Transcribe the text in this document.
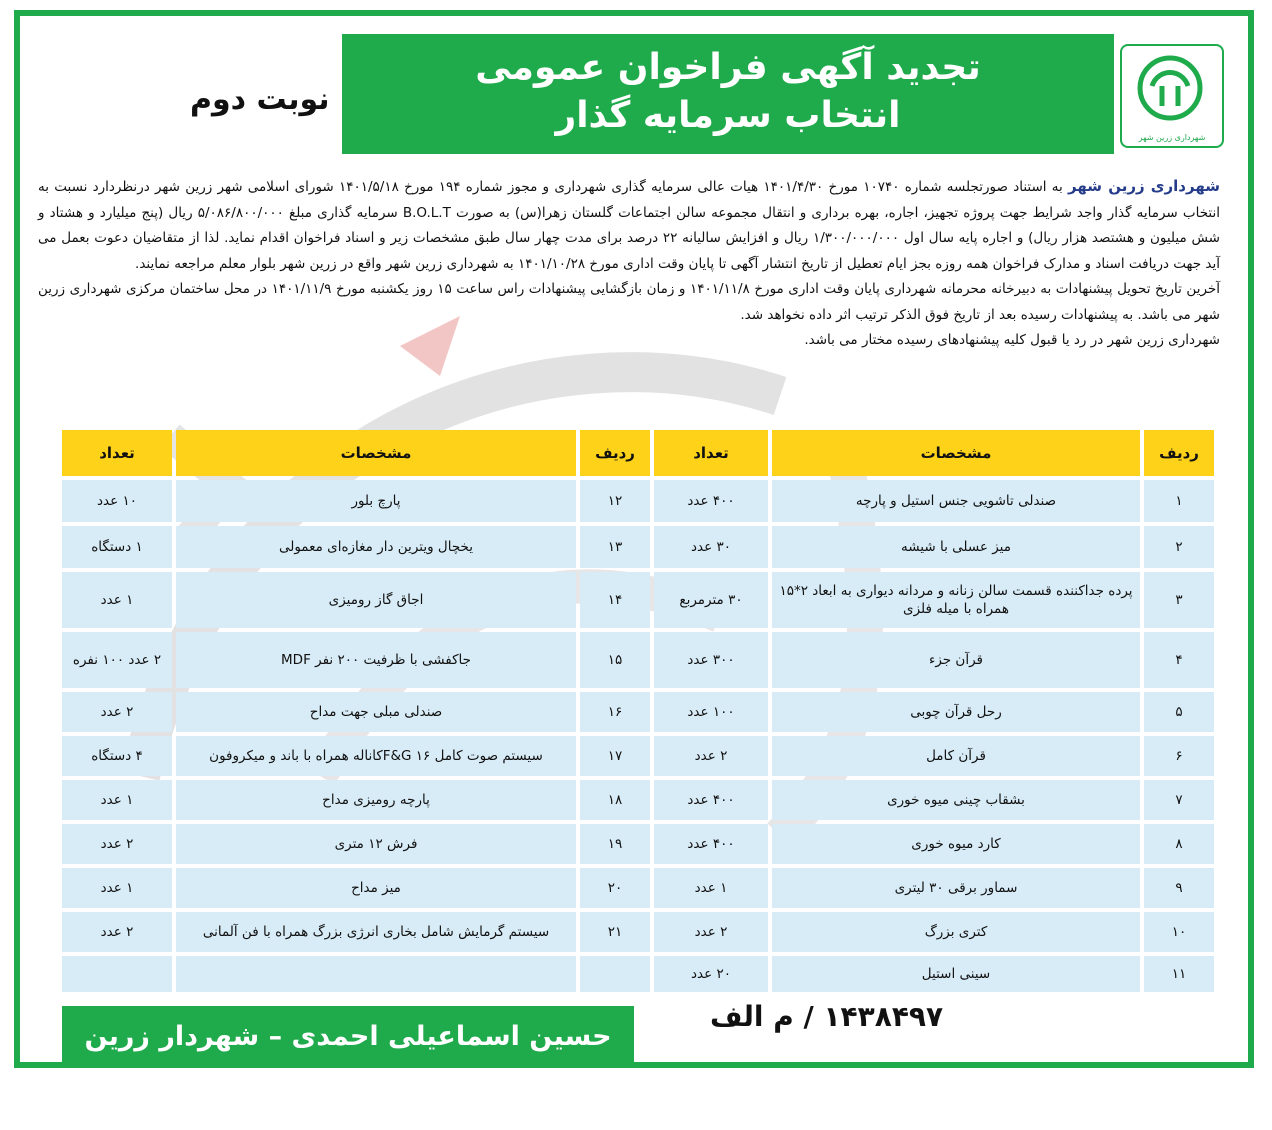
شهرداری زرین شهر
تجدید آگهی فراخوان عمومی
انتخاب سرمایه گذار
نوبت دوم

شهرداری زرین شهر به استناد صورتجلسه شماره ۱۰۷۴۰ مورخ ۱۴۰۱/۴/۳۰ هیات عالی سرمایه گذاری شهرداری و مجوز شماره ۱۹۴ مورخ ۱۴۰۱/۵/۱۸ شورای اسلامی شهر زرین شهر درنظردارد نسبت به انتخاب سرمایه گذار واجد شرایط جهت پروژه تجهیز، اجاره، بهره برداری و انتقال مجموعه سالن اجتماعات گلستان زهرا(س) به صورت B.O.L.T سرمایه گذاری مبلغ ۵/۰۸۶/۸۰۰/۰۰۰ ریال (پنج میلیارد و هشتاد و شش میلیون و هشتصد هزار ریال) و اجاره پایه سال اول ۱/۳۰۰/۰۰۰/۰۰۰ ریال و افزایش سالیانه ۲۲ درصد برای مدت چهار سال طبق مشخصات زیر و اسناد فراخوان اقدام نماید. لذا از متقاضیان دعوت بعمل می آید جهت دریافت اسناد و مدارک فراخوان همه روزه بجز ایام تعطیل از تاریخ انتشار آگهی تا پایان وقت اداری مورخ ۱۴۰۱/۱۰/۲۸ به شهرداری زرین شهر واقع در زرین شهر بلوار معلم مراجعه نمایند.

آخرین تاریخ تحویل پیشنهادات به دبیرخانه محرمانه شهرداری پایان وقت اداری مورخ ۱۴۰۱/۱۱/۸ و زمان بازگشایی پیشنهادات راس ساعت ۱۵ روز یکشنبه مورخ ۱۴۰۱/۱۱/۹ در محل ساختمان مرکزی شهرداری زرین شهر می باشد. به پیشنهادات رسیده بعد از تاریخ فوق الذکر ترتیب اثر داده نخواهد شد.

شهرداری زرین شهر در رد یا قبول کلیه پیشنهادهای رسیده مختار می باشد.

ردیف	مشخصات	تعداد	ردیف	مشخصات	تعداد
۱	صندلی تاشویی جنس استیل و پارچه	۴۰۰ عدد	۱۲	پارچ بلور	۱۰ عدد
۲	میز عسلی با شیشه	۳۰ عدد	۱۳	یخچال ویترین دار مغازه‌ای معمولی	۱ دستگاه
۳	پرده جداکننده قسمت سالن زنانه و مردانه دیواری به ابعاد ۲*۱۵ همراه با میله فلزی	۳۰ مترمربع	۱۴	اجاق گاز رومیزی	۱ عدد
۴	قرآن جزء	۳۰۰ عدد	۱۵	جاکفشی با ظرفیت ۲۰۰ نفر MDF	۲ عدد ۱۰۰ نفره
۵	رحل قرآن چوبی	۱۰۰ عدد	۱۶	صندلی مبلی جهت مداح	۲ عدد
۶	قرآن کامل	۲ عدد	۱۷	سیستم صوت کامل F&G ۱۶کاناله همراه با باند و میکروفون	۴ دستگاه
۷	بشقاب چینی میوه خوری	۴۰۰ عدد	۱۸	پارچه رومیزی مداح	۱ عدد
۸	کارد میوه خوری	۴۰۰ عدد	۱۹	فرش ۱۲ متری	۲ عدد
۹	سماور برقی ۳۰ لیتری	۱ عدد	۲۰	میز مداح	۱ عدد
۱۰	کتری بزرگ	۲ عدد	۲۱	سیستم گرمایش شامل بخاری انرژی بزرگ همراه با فن آلمانی	۲ عدد
۱۱	سینی استیل	۲۰ عدد			
۱۴۳۸۴۹۷ / م الف
حسین اسماعیلی احمدی – شهردار زرین شهر
